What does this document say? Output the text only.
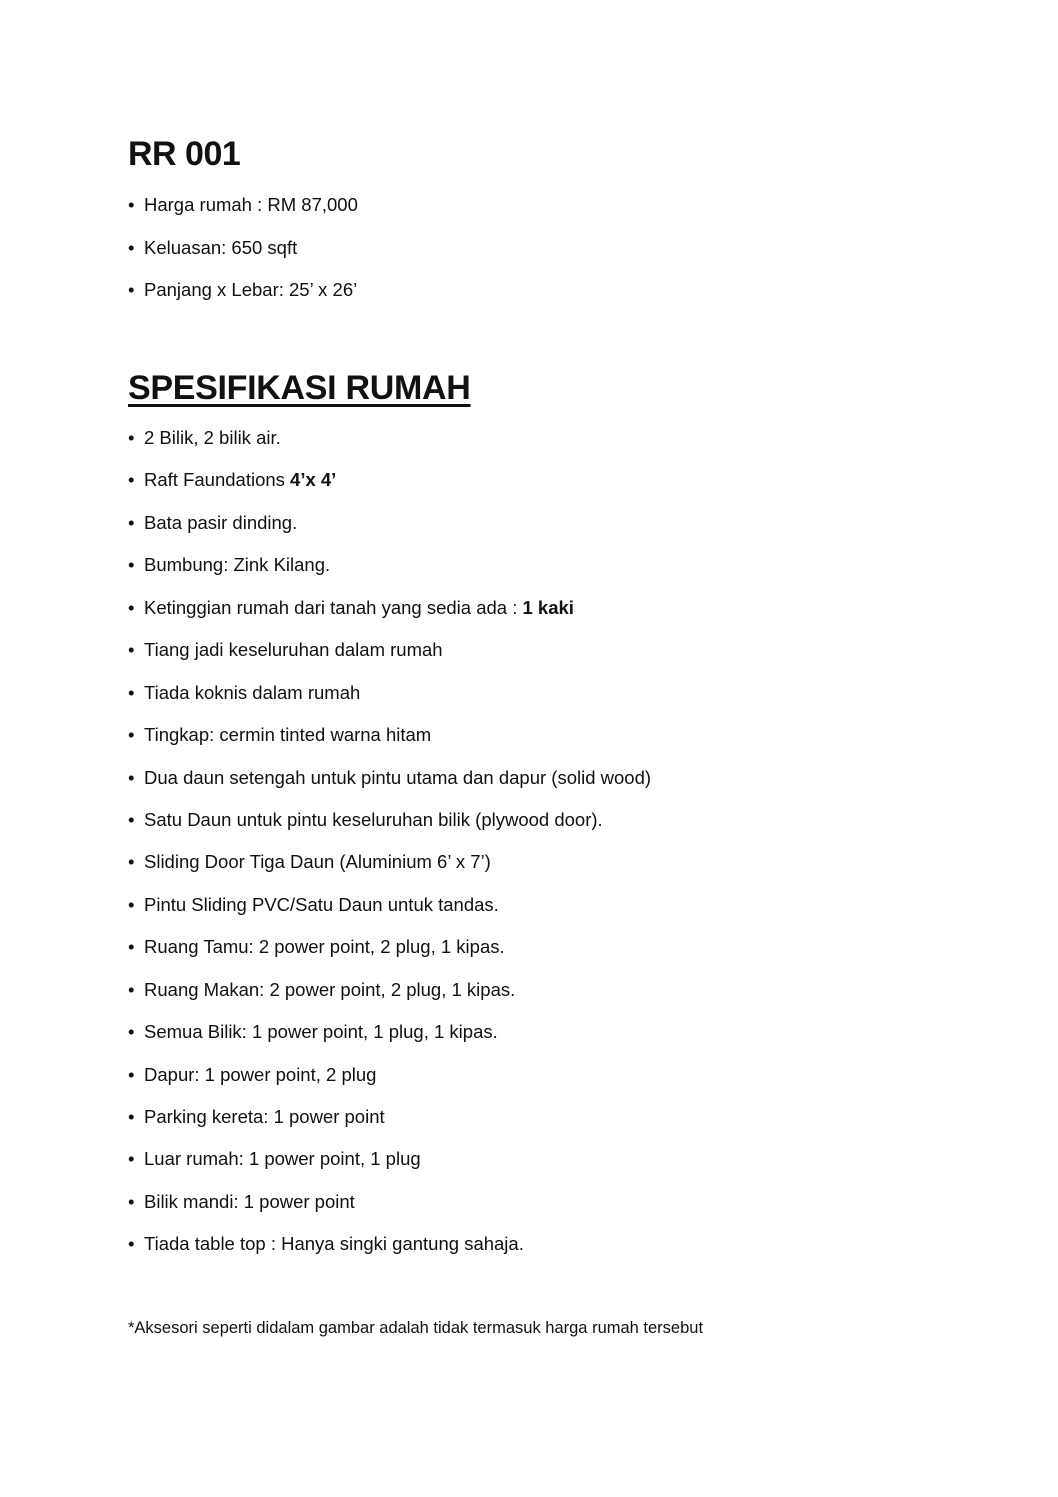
RR 001
• Harga rumah : RM 87,000
• Keluasan: 650 sqft
• Panjang x Lebar: 25’ x 26’
SPESIFIKASI RUMAH
• 2 Bilik, 2 bilik air.
• Raft Faundations 4’x 4’
• Bata pasir dinding.
• Bumbung: Zink Kilang.
• Ketinggian rumah dari tanah yang sedia ada : 1 kaki
• Tiang jadi keseluruhan dalam rumah
• Tiada koknis dalam rumah
• Tingkap: cermin tinted warna hitam
• Dua daun setengah untuk pintu utama dan dapur (solid wood)
• Satu Daun untuk pintu keseluruhan bilik (plywood door).
• Sliding Door Tiga Daun (Aluminium 6’ x 7’)
• Pintu Sliding PVC/Satu Daun untuk tandas.
• Ruang Tamu: 2 power point, 2 plug, 1 kipas.
• Ruang Makan: 2 power point, 2 plug, 1 kipas.
• Semua Bilik: 1 power point, 1 plug, 1 kipas.
• Dapur: 1 power point, 2 plug
• Parking kereta: 1 power point
• Luar rumah: 1 power point, 1 plug
• Bilik mandi: 1 power point
• Tiada table top : Hanya singki gantung sahaja.

*Aksesori seperti didalam gambar adalah tidak termasuk harga rumah tersebut
